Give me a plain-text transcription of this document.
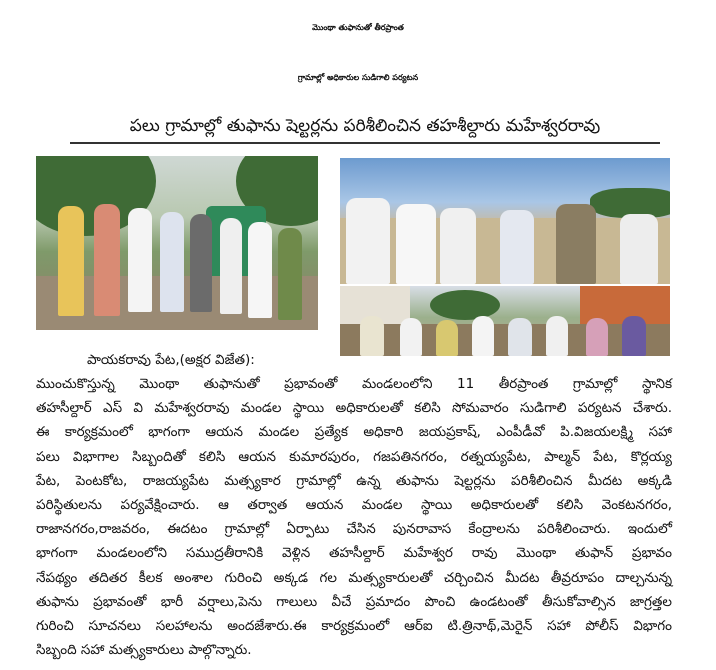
మొంథా తుఫానుతో తీరప్రాంత
గ్రామాల్లో అధికారుల సుడిగాలి పర్యటన
పలు గ్రామాల్లో తుఫాను షెల్టర్లను పరిశీలించిన తహశీల్దారు మహేశ్వరరావు
పాయకరావు పేట,(అక్షర విజేత):
ముంచుకొస్తున్న మొంథా తుఫానుతో ప్రభావంతో మండలంలోని 11 తీరప్రాంత గ్రామాల్లో స్థానిక
తహసీల్దార్ ఎస్ వి మహేశ్వరరావు మండల స్థాయి అధికారులతో కలిసి సోమవారం సుడిగాలి పర్యటన చేశారు.
ఈ కార్యక్రమంలో భాగంగా ఆయన మండల ప్రత్యేక అధికారి జయప్రకాష్, ఎంపీడీవో పి.విజయలక్ష్మి సహా
పలు విభాగాల సిబ్బందితో కలిసి ఆయన కుమారపురం, గజపతినగరం, రత్నయ్యపేట, పాల్మన్ పేట, కొర్లయ్య
పేట, పెంటకోట, రాజయ్యపేట మత్స్యకార గ్రామాల్లో ఉన్న తుఫాను షెల్టర్లను పరిశీలించిన మీదట అక్కడి
పరిస్థితులను పర్యవేక్షించారు. ఆ తర్వాత ఆయన మండల స్థాయి అధికారులతో కలిసి వెంకటనగరం,
రాజానగరం,రాజవరం, ఈదటం గ్రామాల్లో ఏర్పాటు చేసిన పునరావాస కేంద్రాలను పరిశీలించారు. ఇందులో
భాగంగా మండలంలోని సముద్రతీరానికి వెళ్లిన తహసీల్దార్ మహేశ్వర రావు మొంథా తుఫాన్ ప్రభావం
నేపథ్యం తదితర కీలక అంశాల గురించి అక్కడ గల మత్స్యకారులతో చర్చించిన మీదట తీవ్రరూపం దాల్చనున్న
తుఫాను ప్రభావంతో భారీ వర్షాలు,పెను గాలులు వీచే ప్రమాదం పొంచి ఉండటంతో తీసుకోవాల్సిన జాగ్రత్తల
గురించి సూచనలు సలహాలను అందజేశారు.ఈ కార్యక్రమంలో ఆర్ఐ టి.త్రినాథ్,మెరైన్ సహా పోలీస్ విభాగం
సిబ్బంది సహా మత్స్యకారులు పాల్గొన్నారు.
